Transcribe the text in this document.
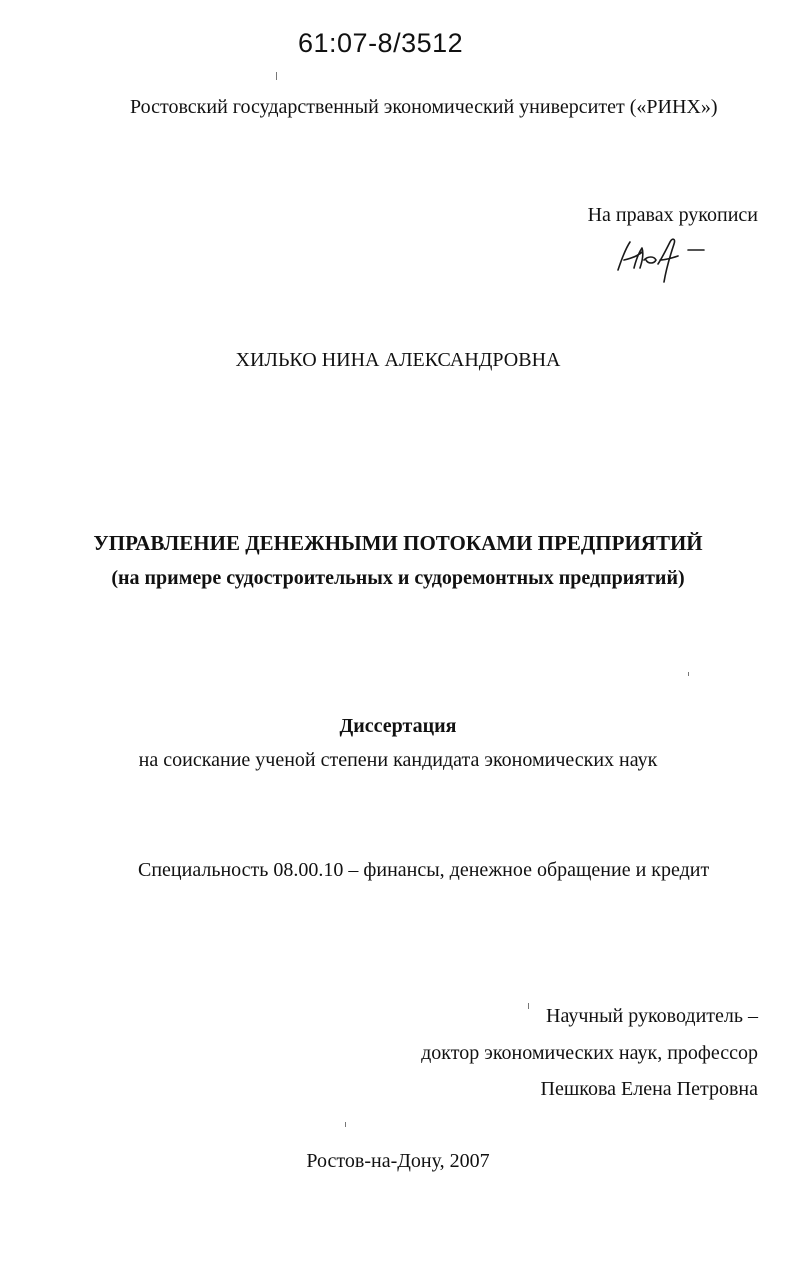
61:07-8/3512
Ростовский государственный экономический университет («РИНХ»)
На правах рукописи
ХИЛЬКО НИНА АЛЕКСАНДРОВНА
УПРАВЛЕНИЕ ДЕНЕЖНЫМИ ПОТОКАМИ ПРЕДПРИЯТИЙ
(на примере судостроительных и судоремонтных предприятий)
Диссертация
на соискание ученой степени кандидата экономических наук
Специальность 08.00.10 – финансы, денежное обращение и кредит
Научный руководитель –
доктор экономических наук, профессор
Пешкова Елена Петровна
Ростов-на-Дону, 2007
